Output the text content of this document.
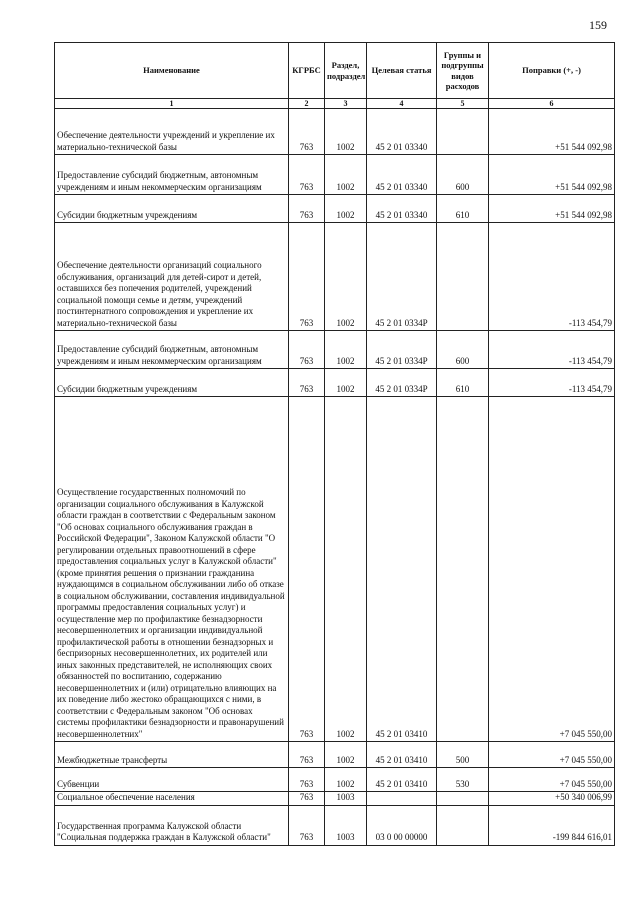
159
Наименование	КГРБС	Раздел, подраздел	Целевая статья	Группы и подгруппы видов расходов	Поправки (+, -)
1	2	3	4	5	6
Обеспечение деятельности учреждений и укрепление их материально-технической базы	763	1002	45 2 01 03340		+51 544 092,98
Предоставление субсидий бюджетным, автономным учреждениям и иным некоммерческим организациям	763	1002	45 2 01 03340	600	+51 544 092,98
Субсидии бюджетным учреждениям	763	1002	45 2 01 03340	610	+51 544 092,98
Обеспечение деятельности организаций социального обслуживания, организаций для детей-сирот и детей, оставшихся без попечения родителей, учреждений социальной помощи семье и детям, учреждений постинтернатного сопровождения и укрепление их материально-технической базы	763	1002	45 2 01 0334Р		-113 454,79
Предоставление субсидий бюджетным, автономным учреждениям и иным некоммерческим организациям	763	1002	45 2 01 0334Р	600	-113 454,79
Субсидии бюджетным учреждениям	763	1002	45 2 01 0334Р	610	-113 454,79
Осуществление государственных полномочий по организации социального обслуживания в Калужской области граждан в соответствии с Федеральным законом "Об основах социального обслуживания граждан в Российской Федерации", Законом Калужской области "О регулировании отдельных правоотношений в сфере предоставления социальных услуг в Калужской области" (кроме принятия решения о признании гражданина нуждающимся в социальном обслуживании либо об отказе в социальном обслуживании, составления индивидуальной программы предоставления социальных услуг) и осуществление мер по профилактике безнадзорности несовершеннолетних и организации индивидуальной профилактической работы в отношении безнадзорных и беспризорных несовершеннолетних, их родителей или иных законных представителей, не исполняющих своих обязанностей по воспитанию, содержанию несовершеннолетних и (или) отрицательно влияющих на их поведение либо жестоко обращающихся с ними, в соответствии с Федеральным законом "Об основах системы профилактики безнадзорности и правонарушений несовершеннолетних"	763	1002	45 2 01 03410		+7 045 550,00
Межбюджетные трансферты	763	1002	45 2 01 03410	500	+7 045 550,00
Субвенции	763	1002	45 2 01 03410	530	+7 045 550,00
Социальное обеспечение населения	763	1003			+50 340 006,99
Государственная программа Калужской области "Социальная поддержка граждан в Калужской области"	763	1003	03 0 00 00000		-199 844 616,01
